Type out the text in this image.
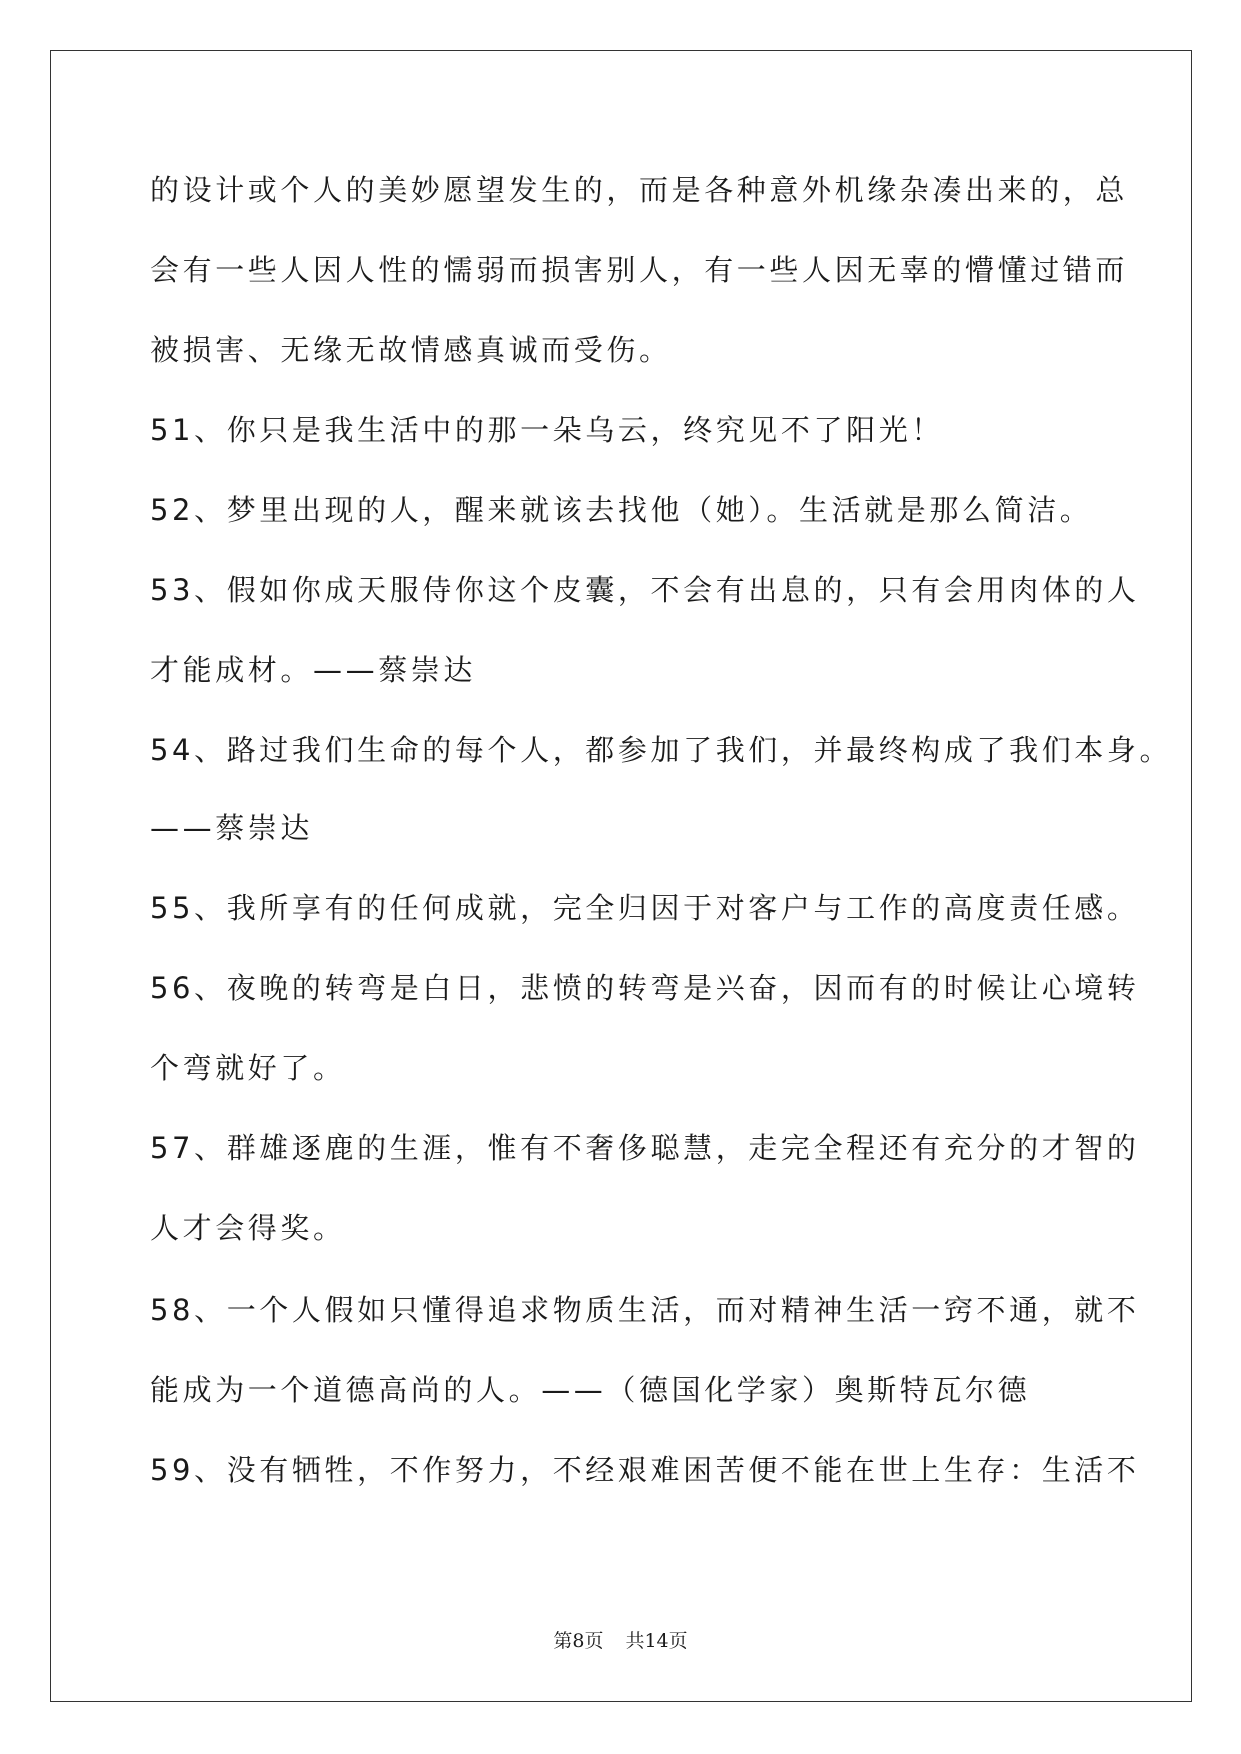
的设计或个人的美妙愿望发生的，而是各种意外机缘杂凑出来的，总
会有一些人因人性的懦弱而损害别人，有一些人因无辜的懵懂过错而
被损害、无缘无故情感真诚而受伤。
51、你只是我生活中的那一朵乌云，终究见不了阳光！
52、梦里出现的人，醒来就该去找他（她）。生活就是那么简洁。
53、假如你成天服侍你这个皮囊，不会有出息的，只有会用肉体的人
才能成材。——蔡崇达
54、路过我们生命的每个人，都参加了我们，并最终构成了我们本身。
——蔡崇达
55、我所享有的任何成就，完全归因于对客户与工作的高度责任感。
56、夜晚的转弯是白日，悲愤的转弯是兴奋，因而有的时候让心境转
个弯就好了。
57、群雄逐鹿的生涯，惟有不奢侈聪慧，走完全程还有充分的才智的
人才会得奖。
58、一个人假如只懂得追求物质生活，而对精神生活一窍不通，就不
能成为一个道德高尚的人。——（德国化学家）奥斯特瓦尔德
59、没有牺牲，不作努力，不经艰难困苦便不能在世上生存：生活不
第8页 共14页
